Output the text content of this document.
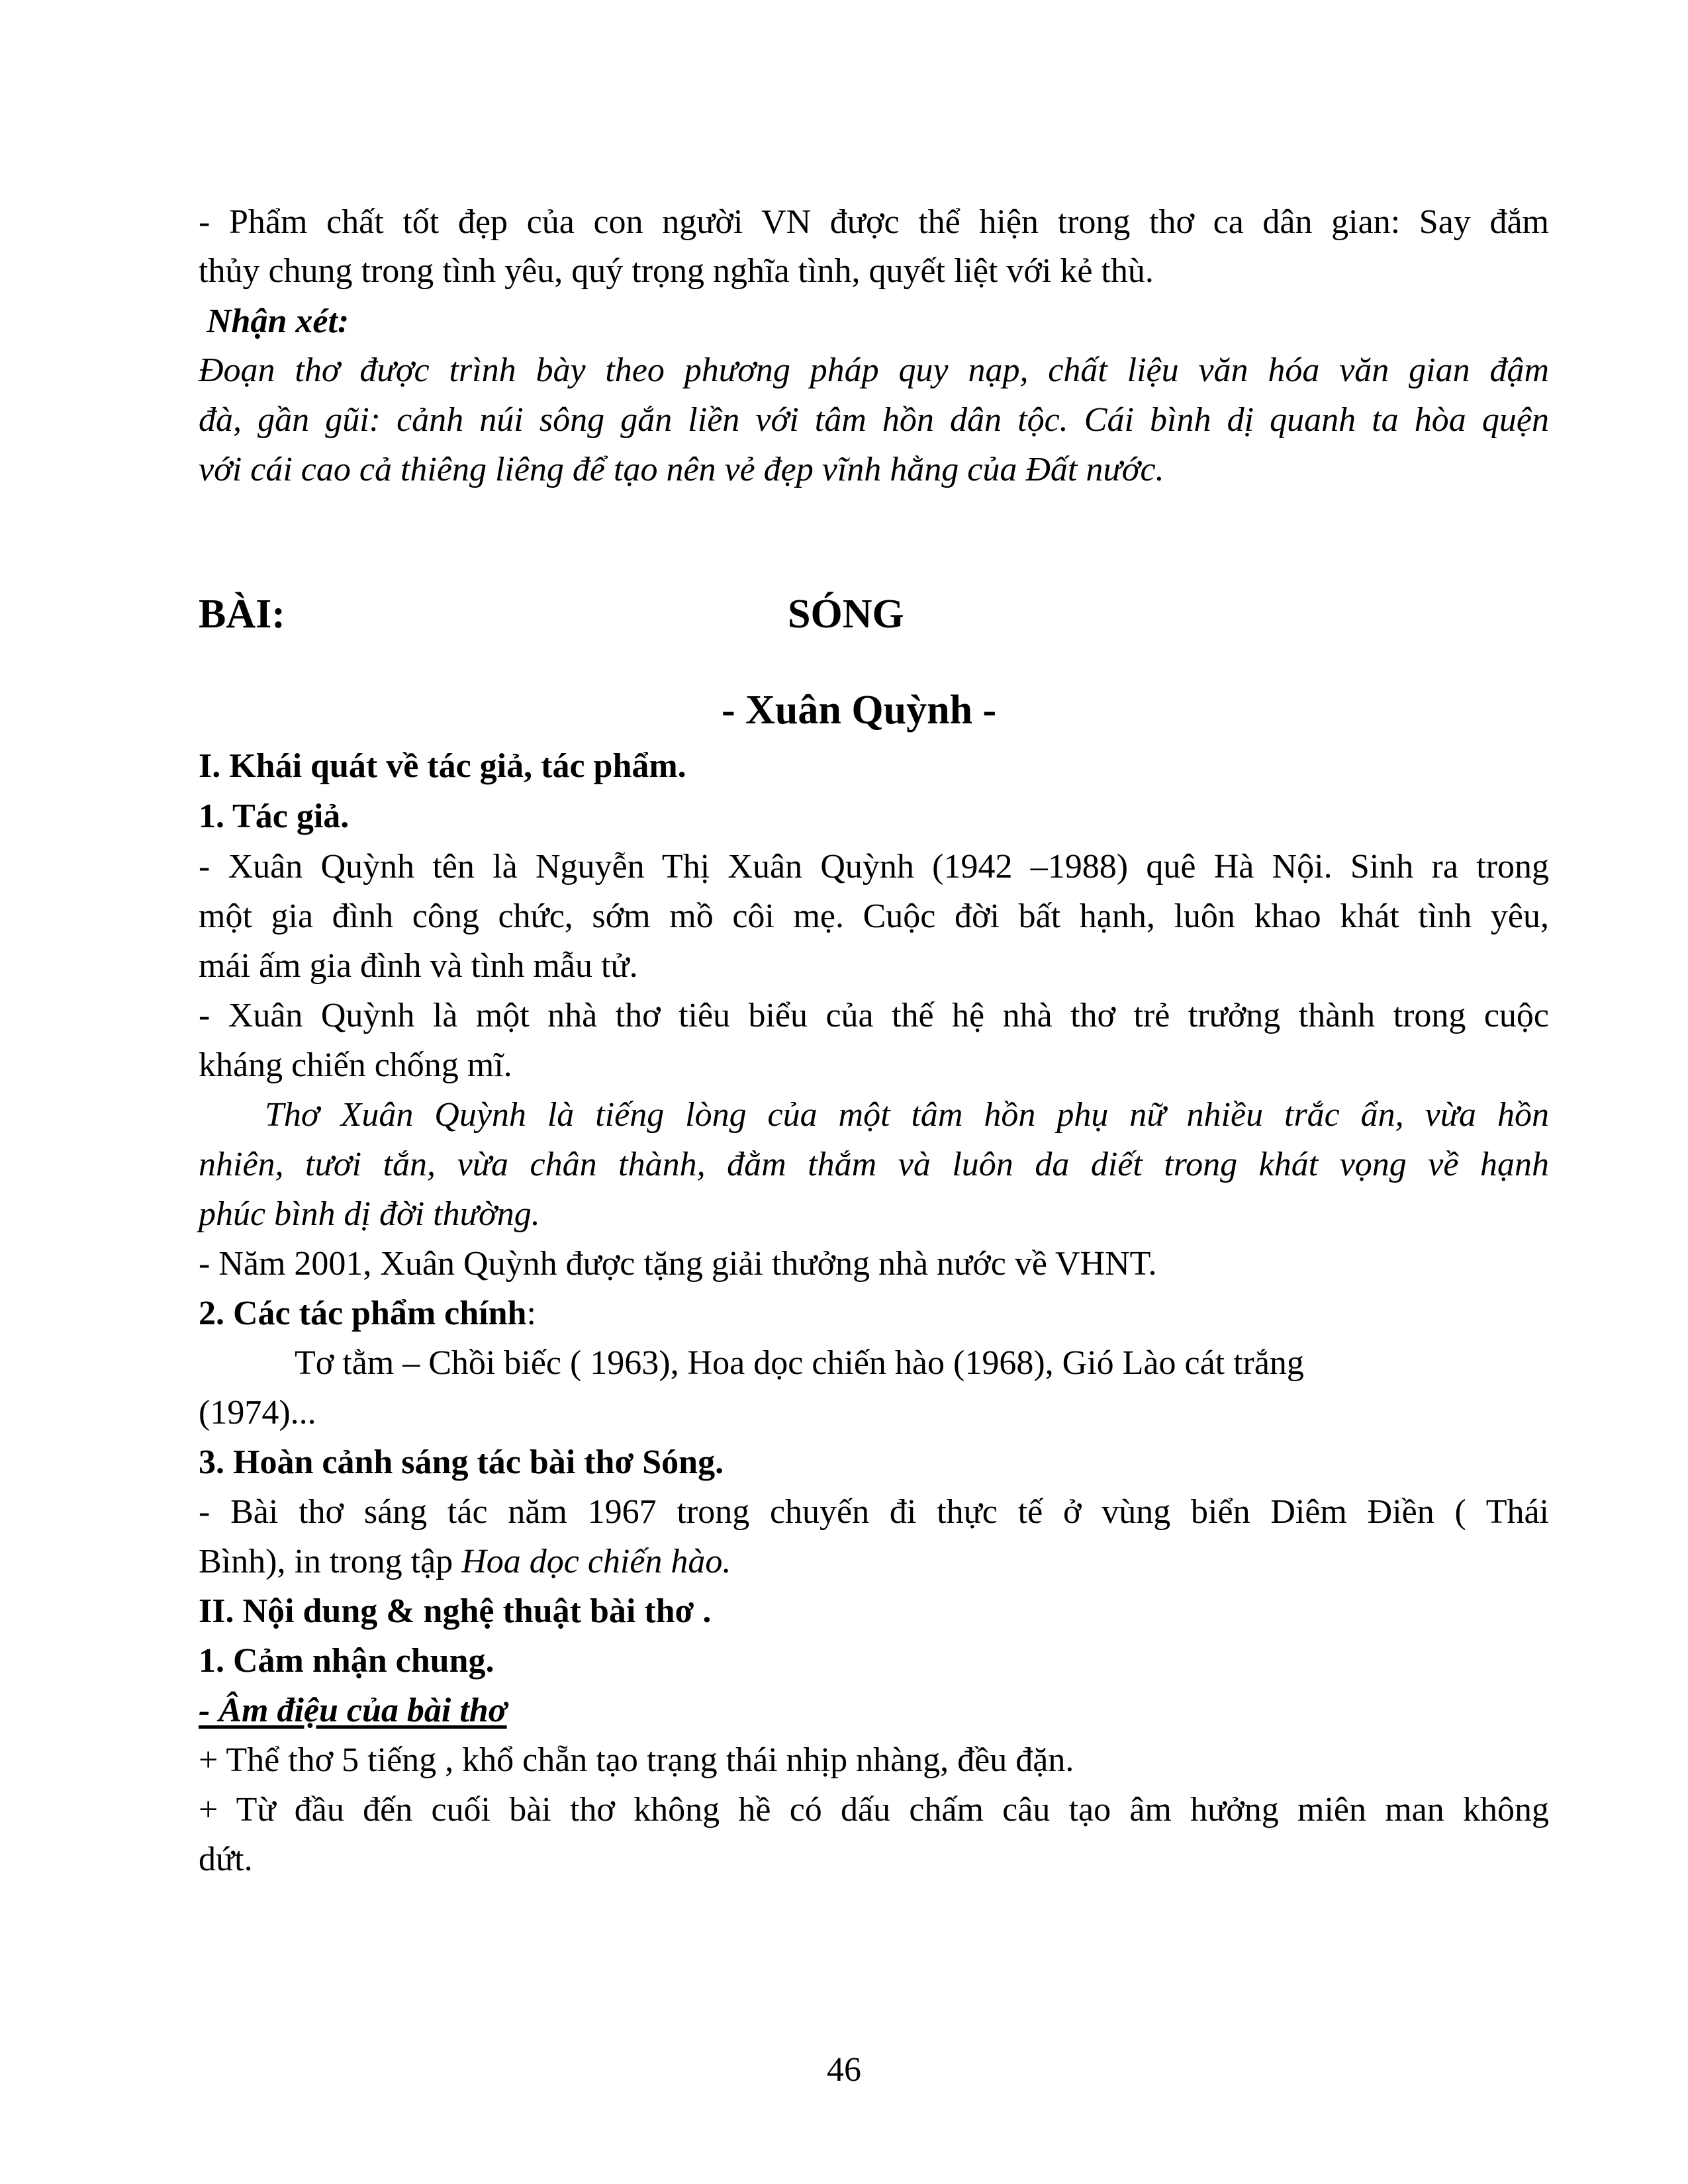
- Phẩm chất tốt đẹp của con người VN được thể hiện trong thơ ca dân gian: Say đắm
thủy chung trong tình yêu, quý trọng nghĩa tình, quyết liệt với kẻ thù.
Nhận xét:
Đoạn thơ được trình bày theo phương pháp quy nạp, chất liệu văn hóa văn gian đậm
đà, gần gũi: cảnh núi sông gắn liền với tâm hồn dân tộc. Cái bình dị quanh ta hòa quện
với cái cao cả thiêng liêng để tạo nên vẻ đẹp vĩnh hằng của Đất nước.
BÀI:	SÓNG
- Xuân Quỳnh -
I. Khái quát về tác giả, tác phẩm.
1. Tác giả.
- Xuân Quỳnh tên là Nguyễn Thị Xuân Quỳnh (1942 –1988) quê Hà Nội. Sinh ra trong
một gia đình công chức, sớm mồ côi mẹ. Cuộc đời bất hạnh, luôn khao khát tình yêu,
mái ấm gia đình và tình mẫu tử.
- Xuân Quỳnh là một nhà thơ tiêu biểu của thế hệ nhà thơ trẻ trưởng thành trong cuộc
kháng chiến chống mĩ.
Thơ Xuân Quỳnh là tiếng lòng của một tâm hồn phụ nữ nhiều trắc ẩn, vừa hồn
nhiên, tươi tắn, vừa chân thành, đằm thắm và luôn da diết trong khát vọng về hạnh
phúc bình dị đời thường.
- Năm 2001, Xuân Quỳnh được tặng giải thưởng nhà nước về VHNT.
2. Các tác phẩm chính:
Tơ tằm – Chồi biếc ( 1963), Hoa dọc chiến hào (1968), Gió Lào cát trắng
(1974)...
3. Hoàn cảnh sáng tác bài thơ Sóng.
- Bài thơ sáng tác năm 1967 trong chuyến đi thực tế ở vùng biển Diêm Điền ( Thái
Bình), in trong tập Hoa dọc chiến hào.
II. Nội dung & nghệ thuật bài thơ .
1. Cảm nhận chung.
- Âm điệu của bài thơ
+ Thể thơ 5 tiếng , khổ chẵn tạo trạng thái nhịp nhàng, đều đặn.
+ Từ đầu đến cuối bài thơ không hề có dấu chấm câu tạo âm hưởng miên man không
dứt.
46
